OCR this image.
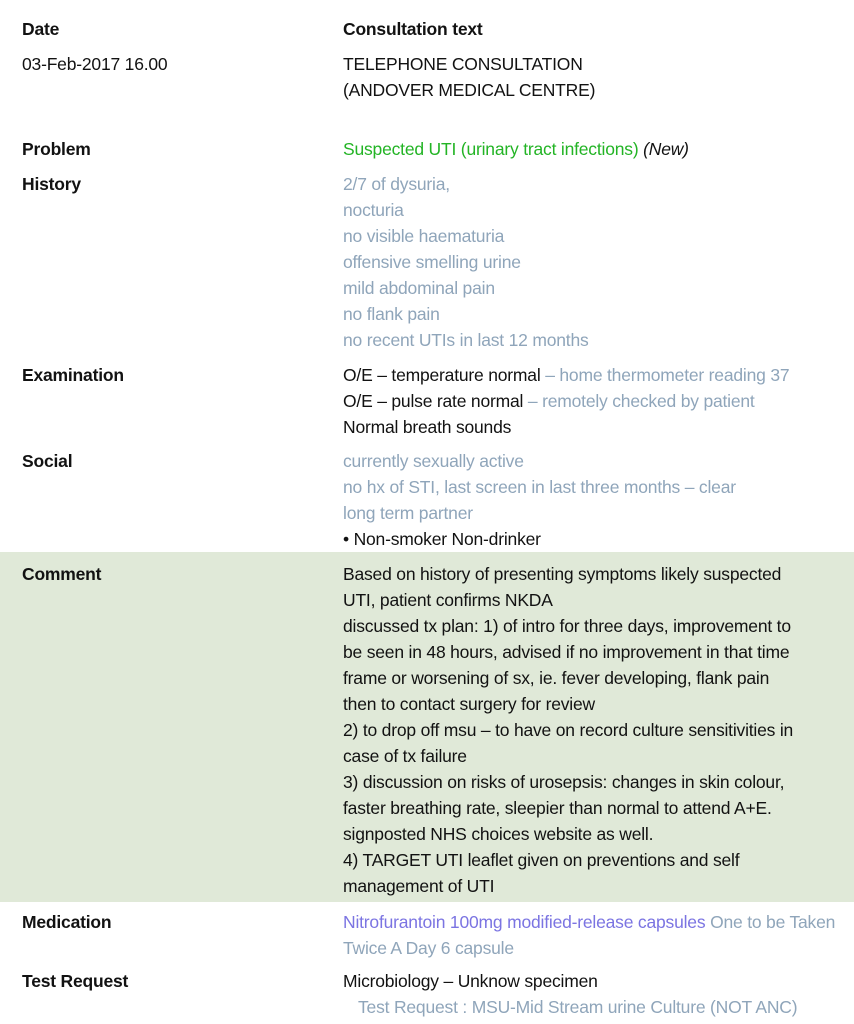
Date	Consultation text
03-Feb-2017 16.00	TELEPHONE CONSULTATION
(ANDOVER MEDICAL CENTRE)
Problem	Suspected UTI (urinary tract infections) (New)
History	2/7 of dysuria,
nocturia
no visible haematuria
offensive smelling urine
mild abdominal pain
no flank pain
no recent UTIs in last 12 months
Examination	O/E – temperature normal – home thermometer reading 37
O/E – pulse rate normal – remotely checked by patient
Normal breath sounds
Social	currently sexually active
no hx of STI, last screen in last three months – clear
long term partner
• Non-smoker Non-drinker
Comment	Based on history of presenting symptoms likely suspected
UTI, patient confirms NKDA
discussed tx plan: 1) of intro for three days, improvement to
be seen in 48 hours, advised if no improvement in that time
frame or worsening of sx, ie. fever developing, flank pain
then to contact surgery for review
2) to drop off msu – to have on record culture sensitivities in
case of tx failure
3) discussion on risks of urosepsis: changes in skin colour,
faster breathing rate, sleepier than normal to attend A+E.
signposted NHS choices website as well.
4) TARGET UTI leaflet given on preventions and self
management of UTI
Medication	Nitrofurantoin 100mg modified-release capsules One to be Taken Twice A Day 6 capsule
Test Request	Microbiology – Unknow specimen
Test Request : MSU-Mid Stream urine Culture (NOT ANC)
